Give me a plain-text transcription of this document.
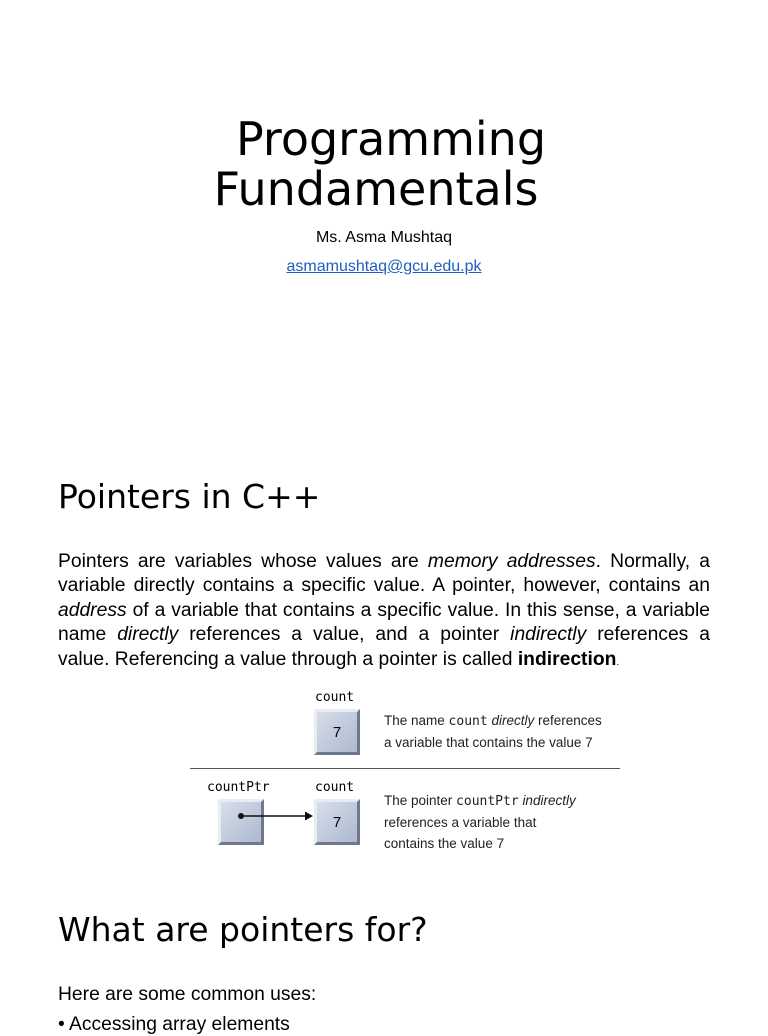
Programming
Fundamentals
Ms. Asma Mushtaq
asmamushtaq@gcu.edu.pk
Pointers in C++

Pointers are variables whose values are memory addresses. Normally, a variable directly contains a specific value. A pointer, however, contains an address of a variable that contains a specific value. In this sense, a variable name directly references a value, and a pointer indirectly references a value. Referencing a value through a pointer is called indirection.

count
7
The name count directly references
a variable that contains the value 7
countPtr	count
7
The pointer countPtr indirectly
references a variable that
contains the value 7
What are pointers for?
Here are some common uses:
• Accessing array elements
